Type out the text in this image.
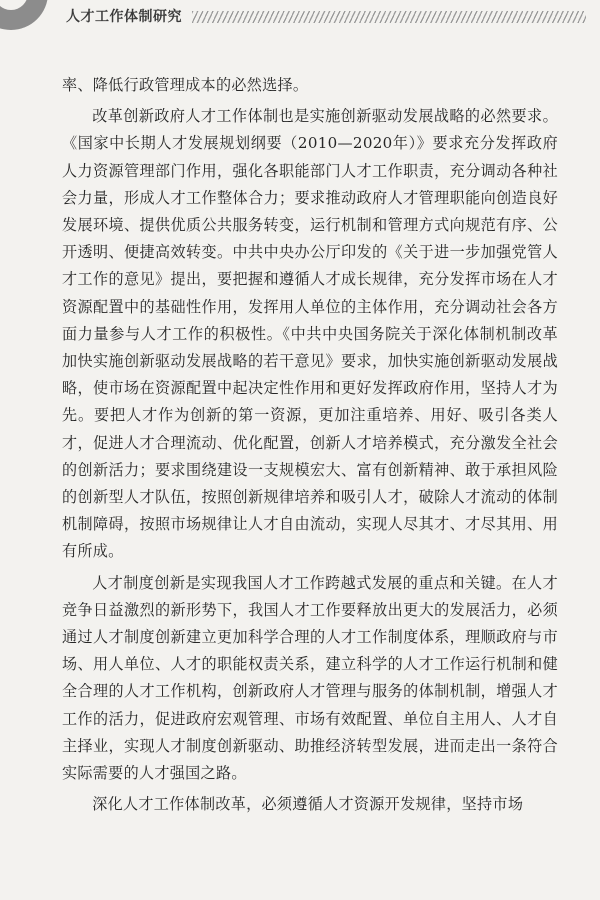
人才工作体制研究

率、降低行政管理成本的必然选择。

改革创新政府人才工作体制也是实施创新驱动发展战略的必然要求。《国家中长期人才发展规划纲要（2010—2020年）》要求充分发挥政府人力资源管理部门作用，强化各职能部门人才工作职责，充分调动各种社会力量，形成人才工作整体合力；要求推动政府人才管理职能向创造良好发展环境、提供优质公共服务转变，运行机制和管理方式向规范有序、公开透明、便捷高效转变。中共中央办公厅印发的《关于进一步加强党管人才工作的意见》提出，要把握和遵循人才成长规律，充分发挥市场在人才资源配置中的基础性作用，发挥用人单位的主体作用，充分调动社会各方面力量参与人才工作的积极性。《中共中央国务院关于深化体制机制改革加快实施创新驱动发展战略的若干意见》要求，加快实施创新驱动发展战略，使市场在资源配置中起决定性作用和更好发挥政府作用，坚持人才为先。要把人才作为创新的第一资源，更加注重培养、用好、吸引各类人才，促进人才合理流动、优化配置，创新人才培养模式，充分激发全社会的创新活力；要求围绕建设一支规模宏大、富有创新精神、敢于承担风险的创新型人才队伍，按照创新规律培养和吸引人才，破除人才流动的体制机制障碍，按照市场规律让人才自由流动，实现人尽其才、才尽其用、用有所成。

人才制度创新是实现我国人才工作跨越式发展的重点和关键。在人才竞争日益激烈的新形势下，我国人才工作要释放出更大的发展活力，必须通过人才制度创新建立更加科学合理的人才工作制度体系，理顺政府与市场、用人单位、人才的职能权责关系，建立科学的人才工作运行机制和健全合理的人才工作机构，创新政府人才管理与服务的体制机制，增强人才工作的活力，促进政府宏观管理、市场有效配置、单位自主用人、人才自主择业，实现人才制度创新驱动、助推经济转型发展，进而走出一条符合实际需要的人才强国之路。

深化人才工作体制改革，必须遵循人才资源开发规律，坚持市场
